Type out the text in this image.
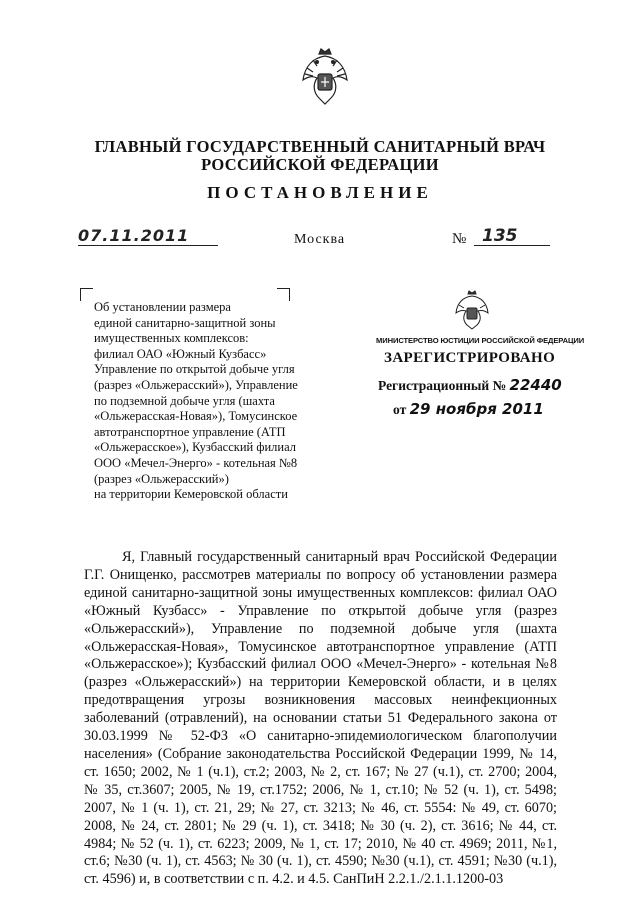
ГЛАВНЫЙ ГОСУДАРСТВЕННЫЙ САНИТАРНЫЙ ВРАЧ
РОССИЙСКОЙ ФЕДЕРАЦИИ
ПОСТАНОВЛЕНИЕ
07.11.2011	Москва	№ 135
Об установлении размера
единой санитарно-защитной зоны
имущественных комплексов:
филиал ОАО «Южный Кузбасс»
Управление по открытой добыче угля
(разрез «Ольжерасский»), Управление
по подземной добыче угля (шахта
«Ольжерасская-Новая»), Томусинское
автотранспортное управление (АТП
«Ольжерасское»), Кузбасский филиал
ООО «Мечел-Энерго» - котельная №8
(разрез «Ольжерасский»)
на территории Кемеровской области
МИНИСТЕРСТВО ЮСТИЦИИ РОССИЙСКОЙ ФЕДЕРАЦИИ
ЗАРЕГИСТРИРОВАНО
Регистрационный № 22440
от 29 ноября 2011
Я, Главный государственный санитарный врач Российской Федерации
Г.Г. Онищенко, рассмотрев материалы по вопросу об установлении размера
единой санитарно-защитной зоны имущественных комплексов: филиал ОАО
«Южный Кузбасс» - Управление по открытой добыче угля (разрез
«Ольжерасский»), Управление по подземной добыче угля (шахта
«Ольжерасская-Новая», Томусинское автотранспортное управление (АТП
«Ольжерасское»); Кузбасский филиал ООО «Мечел-Энерго» - котельная №8
(разрез «Ольжерасский») на территории Кемеровской области, и в целях
предотвращения угрозы возникновения массовых неинфекционных
заболеваний (отравлений), на основании статьи 51 Федерального закона от
30.03.1999 № 52-ФЗ «О санитарно-эпидемиологическом благополучии
населения» (Собрание законодательства Российской Федерации 1999, № 14,
ст. 1650; 2002, № 1 (ч.1), ст.2; 2003, № 2, ст. 167; № 27 (ч.1), ст. 2700; 2004,
№ 35, ст.3607; 2005, № 19, ст.1752; 2006, № 1, ст.10; № 52 (ч. 1), ст. 5498;
2007, № 1 (ч. 1), ст. 21, 29; № 27, ст. 3213; № 46, ст. 5554: № 49, ст. 6070;
2008, № 24, ст. 2801; № 29 (ч. 1), ст. 3418; № 30 (ч. 2), ст. 3616; № 44, ст.
4984; № 52 (ч. 1), ст. 6223; 2009, № 1, ст. 17; 2010, № 40 ст. 4969; 2011, №1,
ст.6; №30 (ч. 1), ст. 4563; № 30 (ч. 1), ст. 4590; №30 (ч.1), ст. 4591; №30 (ч.1),
ст. 4596) и, в соответствии с п. 4.2. и 4.5. СанПиН 2.2.1./2.1.1.1200-03
